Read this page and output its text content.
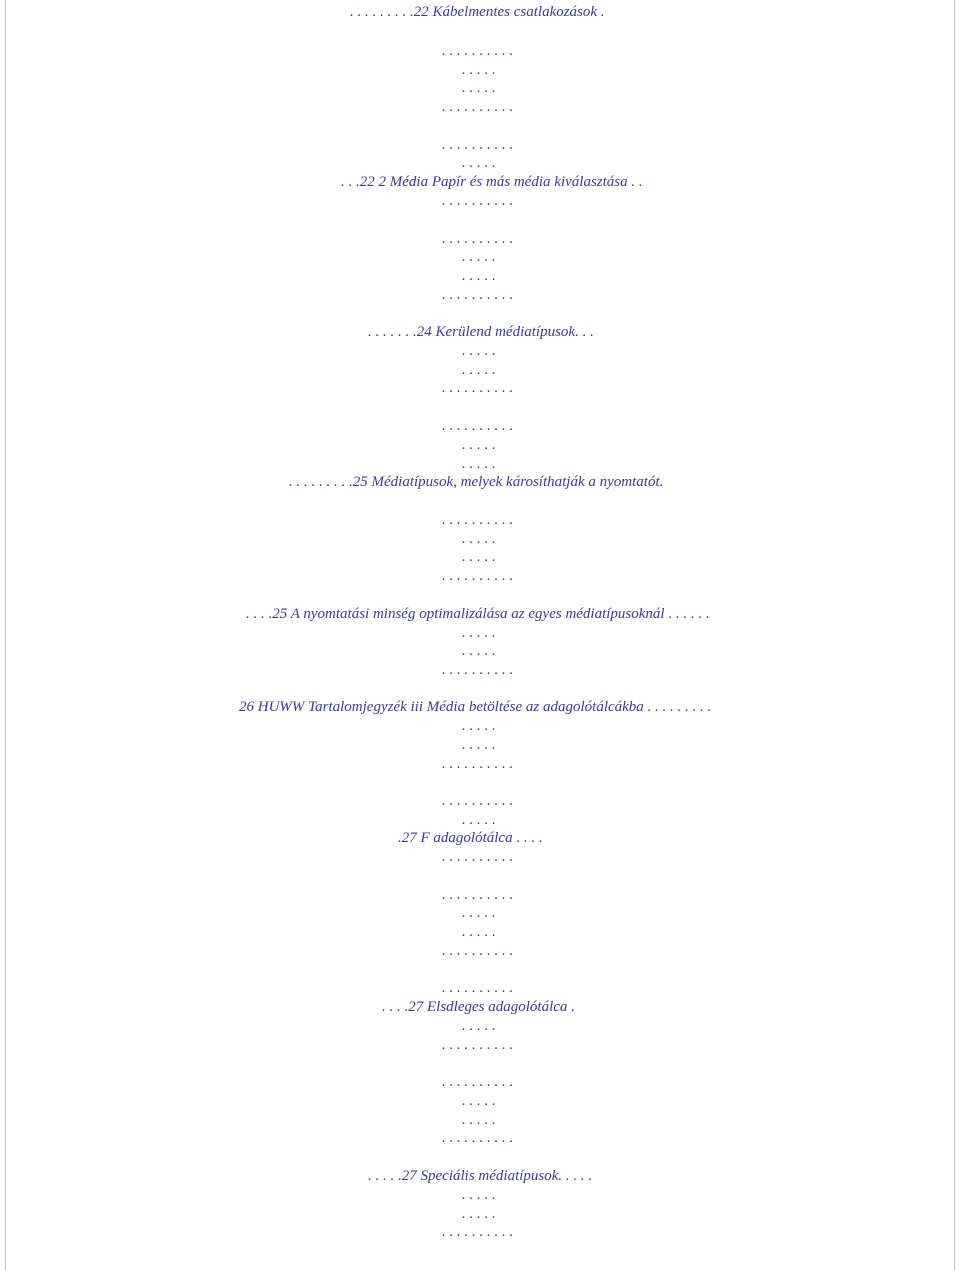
. . . . . . . . .22 Kábelmentes csatlakozások .
. . . . . . . . . .
. . . . .
. . . . .
. . . . . . . . . .
. . . . . . . . . .
. . . . .
. . .22 2 Média Papír és más média kiválasztása . .
. . . . . . . . . .
. . . . . . . . . .
. . . . .
. . . . .
. . . . . . . . . .
. . . . . . .24 Kerülend médiatípusok. . .
. . . . .
. . . . .
. . . . . . . . . .
. . . . . . . . . .
. . . . .
. . . . .
. . . . . . . . .25 Médiatípusok, melyek károsíthatják a nyomtatót.
. . . . . . . . . .
. . . . .
. . . . .
. . . . . . . . . .
. . . .25 A nyomtatási minség optimalizálása az egyes médiatípusoknál . . . . . .
. . . . .
. . . . .
. . . . . . . . . .
26 HUWW Tartalomjegyzék iii Média betöltése az adagolótálcákba . . . . . . . . .
. . . . .
. . . . .
. . . . . . . . . .
. . . . . . . . . .
. . . . .
.27 F adagolótálca . . . .
. . . . . . . . . .
. . . . . . . . . .
. . . . .
. . . . .
. . . . . . . . . .
. . . . . . . . . .
. . . .27 Elsdleges adagolótálca .
. . . . .
. . . . . . . . . .
. . . . . . . . . .
. . . . .
. . . . .
. . . . . . . . . .
. . . . .27 Speciális médiatípusok. . . . .
. . . . .
. . . . .
. . . . . . . . . .
